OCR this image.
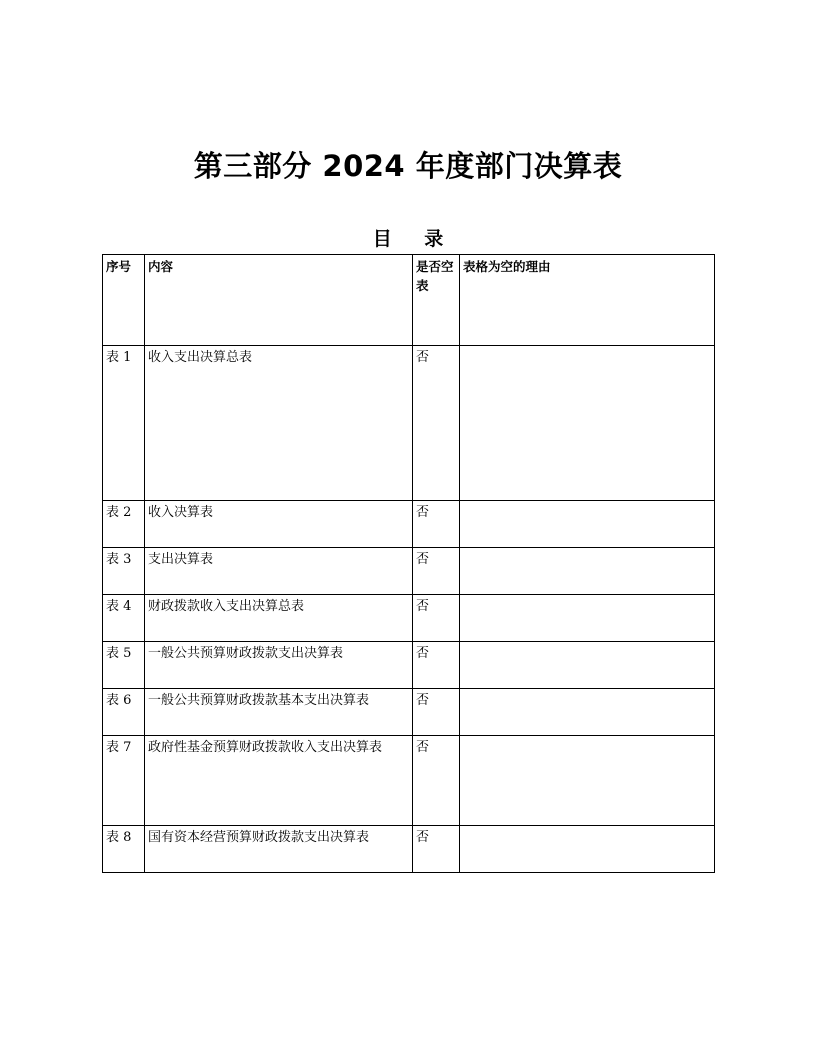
第三部分 2024 年度部门决算表
目 录
序号	内容	是否空表	表格为空的理由
表 1	收入支出决算总表	否	
表 2	收入决算表	否	
表 3	支出决算表	否	
表 4	财政拨款收入支出决算总表	否	
表 5	一般公共预算财政拨款支出决算表	否	
表 6	一般公共预算财政拨款基本支出决算表	否	
表 7	政府性基金预算财政拨款收入支出决算表	否	
表 8	国有资本经营预算财政拨款支出决算表	否	
